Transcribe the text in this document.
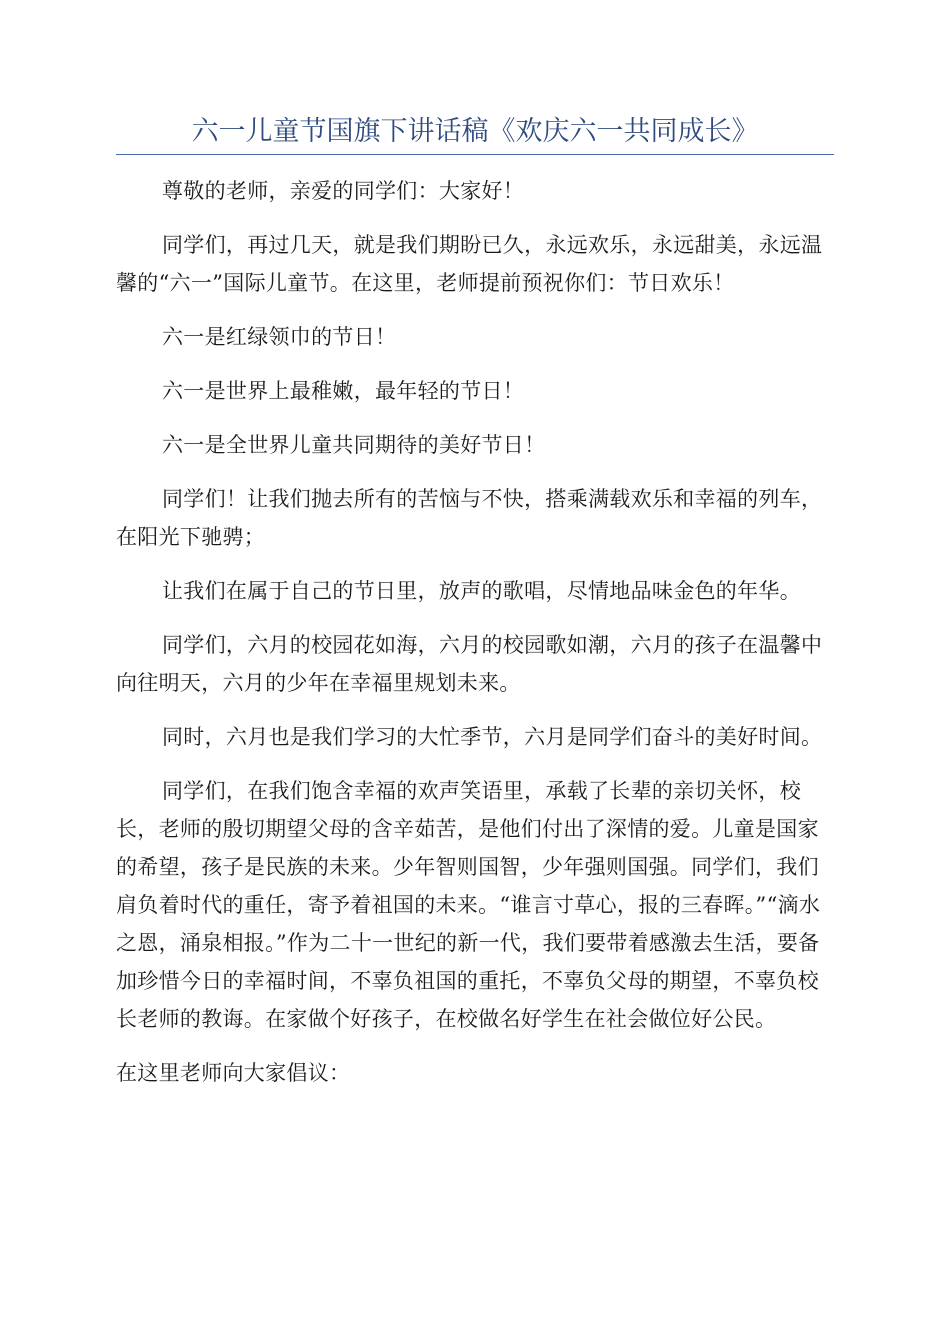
六一儿童节国旗下讲话稿《欢庆六一共同成长》

尊敬的老师，亲爱的同学们：大家好！

同学们，再过几天，就是我们期盼已久，永远欢乐，永远甜美，永远温馨的“六一”国际儿童节。在这里，老师提前预祝你们：节日欢乐！

六一是红绿领巾的节日！

六一是世界上最稚嫩，最年轻的节日！

六一是全世界儿童共同期待的美好节日！

同学们！让我们抛去所有的苦恼与不快，搭乘满载欢乐和幸福的列车，在阳光下驰骋；

让我们在属于自己的节日里，放声的歌唱，尽情地品味金色的年华。

同学们，六月的校园花如海，六月的校园歌如潮，六月的孩子在温馨中向往明天，六月的少年在幸福里规划未来。

同时，六月也是我们学习的大忙季节，六月是同学们奋斗的美好时间。

同学们，在我们饱含幸福的欢声笑语里，承载了长辈的亲切关怀，校长，老师的殷切期望父母的含辛茹苦，是他们付出了深情的爱。儿童是国家的希望，孩子是民族的未来。少年智则国智，少年强则国强。同学们，我们肩负着时代的重任，寄予着祖国的未来。“谁言寸草心，报的三春晖。”“滴水之恩，涌泉相报。”作为二十一世纪的新一代，我们要带着感激去生活，要备加珍惜今日的幸福时间，不辜负祖国的重托，不辜负父母的期望，不辜负校长老师的教诲。在家做个好孩子，在校做名好学生在社会做位好公民。

在这里老师向大家倡议：
